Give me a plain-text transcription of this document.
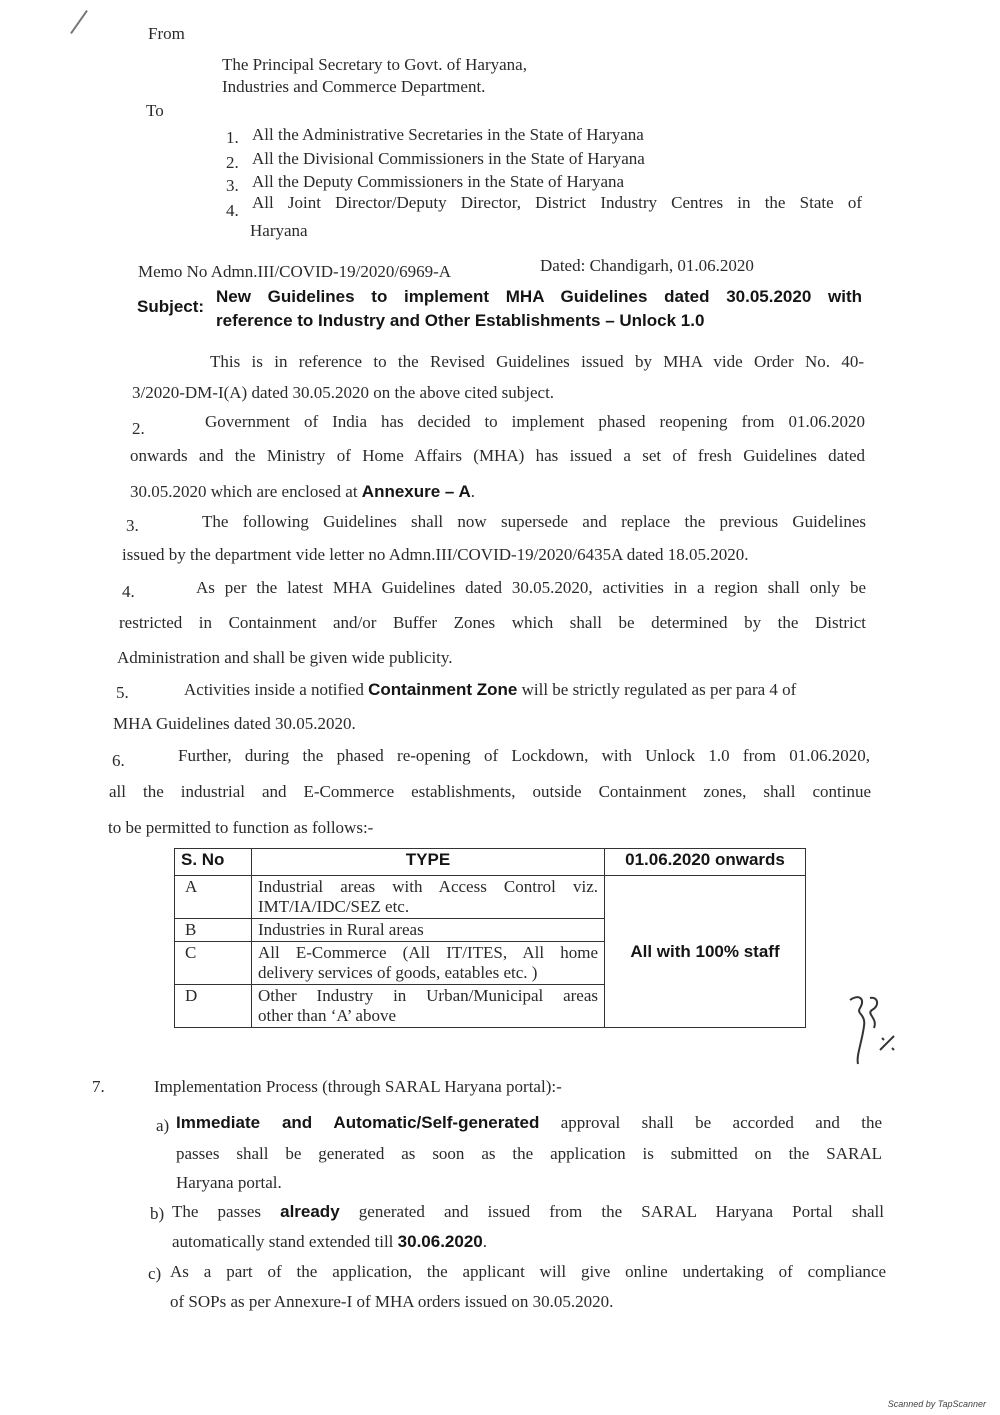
From
The Principal Secretary to Govt. of Haryana,
Industries and Commerce Department.
To
1. All the Administrative Secretaries in the State of Haryana
2. All the Divisional Commissioners in the State of Haryana
3. All the Deputy Commissioners in the State of Haryana
4. All Joint Director/Deputy Director, District Industry Centres in the State of
Haryana
Memo No Admn.III/COVID-19/2020/6969-A	Dated: Chandigarh, 01.06.2020
Subject:
New Guidelines to implement MHA Guidelines dated 30.05.2020 with
reference to Industry and Other Establishments – Unlock 1.0
This is in reference to the Revised Guidelines issued by MHA vide Order No. 40-
3/2020-DM-I(A) dated 30.05.2020 on the above cited subject.
2.	Government of India has decided to implement phased reopening from 01.06.2020
onwards and the Ministry of Home Affairs (MHA) has issued a set of fresh Guidelines dated
30.05.2020 which are enclosed at Annexure – A.
3.	The following Guidelines shall now supersede and replace the previous Guidelines
issued by the department vide letter no Admn.III/COVID-19/2020/6435A dated 18.05.2020.
4.	As per the latest MHA Guidelines dated 30.05.2020, activities in a region shall only be
restricted in Containment and/or Buffer Zones which shall be determined by the District
Administration and shall be given wide publicity.
5.	Activities inside a notified Containment Zone will be strictly regulated as per para 4 of
MHA Guidelines dated 30.05.2020.
6.	Further, during the phased re-opening of Lockdown, with Unlock 1.0 from 01.06.2020,
all the industrial and E-Commerce establishments, outside Containment zones, shall continue
to be permitted to function as follows:-
S. No	TYPE	01.06.2020 onwards
A	Industrial areas with Access Control viz.
IMT/IA/IDC/SEZ etc.	All with 100% staff
B	Industries in Rural areas	
C	All E-Commerce (All IT/ITES, All home
delivery services of goods, eatables etc. )	

D	Other Industry in Urban/Municipal areas
other than ‘A’ above	
7.	Implementation Process (through SARAL Haryana portal):-
a) Immediate and Automatic/Self-generated approval shall be accorded and the
passes shall be generated as soon as the application is submitted on the SARAL
Haryana portal.
b) The passes already generated and issued from the SARAL Haryana Portal shall
automatically stand extended till 30.06.2020.
c) As a part of the application, the applicant will give online undertaking of compliance
of SOPs as per Annexure-I of MHA orders issued on 30.05.2020.
Scanned by TapScanner
